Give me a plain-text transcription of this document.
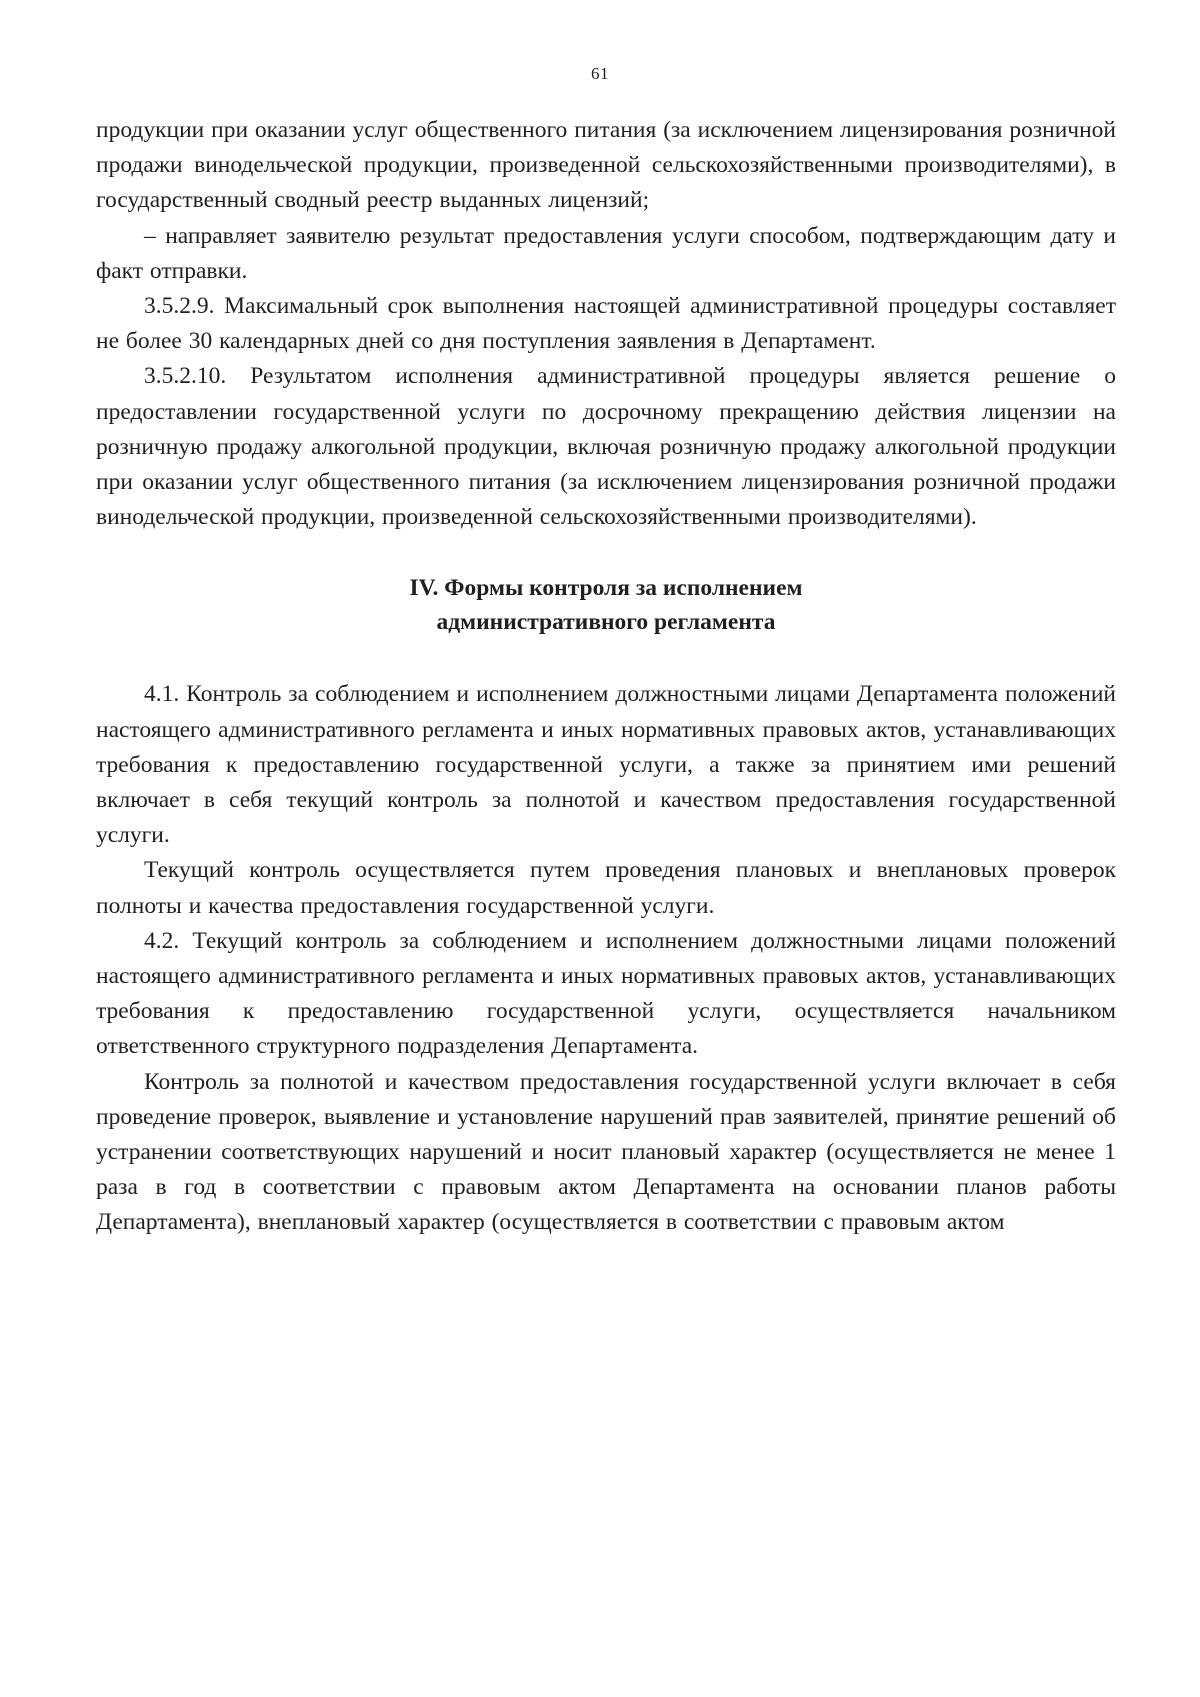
61

продукции при оказании услуг общественного питания (за исключением лицензирования розничной продажи винодельческой продукции, произведенной сельскохозяйственными производителями), в государственный сводный реестр выданных лицензий;

– направляет заявителю результат предоставления услуги способом, подтверждающим дату и факт отправки.

3.5.2.9. Максимальный срок выполнения настоящей административной процедуры составляет не более 30 календарных дней со дня поступления заявления в Департамент.

3.5.2.10. Результатом исполнения административной процедуры является решение о предоставлении государственной услуги по досрочному прекращению действия лицензии на розничную продажу алкогольной продукции, включая розничную продажу алкогольной продукции при оказании услуг общественного питания (за исключением лицензирования розничной продажи винодельческой продукции, произведенной сельскохозяйственными производителями).

IV. Формы контроля за исполнением
административного регламента

4.1. Контроль за соблюдением и исполнением должностными лицами Департамента положений настоящего административного регламента и иных нормативных правовых актов, устанавливающих требования к предоставлению государственной услуги, а также за принятием ими решений включает в себя текущий контроль за полнотой и качеством предоставления государственной услуги.

Текущий контроль осуществляется путем проведения плановых и внеплановых проверок полноты и качества предоставления государственной услуги.

4.2. Текущий контроль за соблюдением и исполнением должностными лицами положений настоящего административного регламента и иных нормативных правовых актов, устанавливающих требования к предоставлению государственной услуги, осуществляется начальником ответственного структурного подразделения Департамента.

Контроль за полнотой и качеством предоставления государственной услуги включает в себя проведение проверок, выявление и установление нарушений прав заявителей, принятие решений об устранении соответствующих нарушений и носит плановый характер (осуществляется не менее 1 раза в год в соответствии с правовым актом Департамента на основании планов работы Департамента), внеплановый характер (осуществляется в соответствии с правовым актом
